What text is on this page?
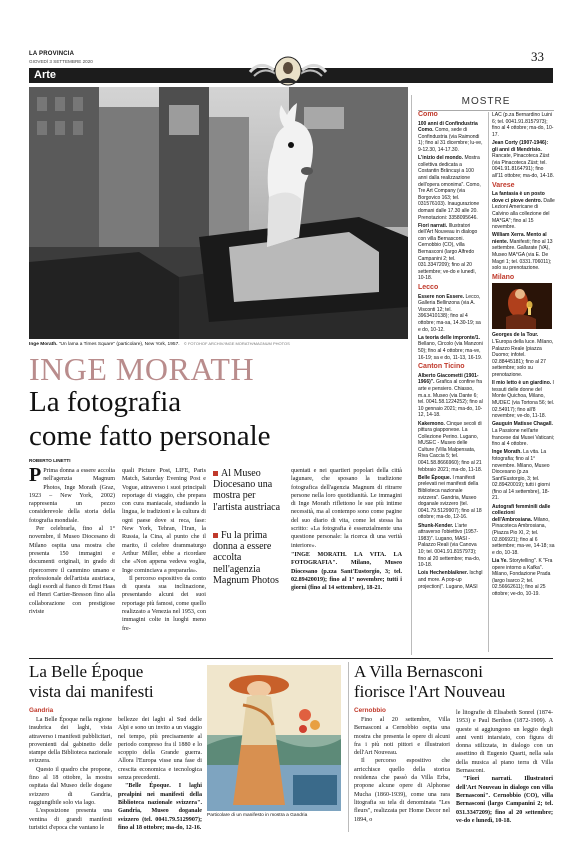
LA PROVINCIA
GIOVEDÌ 3 SETTEMBRE 2020	33
Arte
Inge Morath. "Un lama a Times Square" (particolare), New York, 1957. © FOTOHOF ARCHIV/INGE MORATH/MAGNUM PHOTOS
INGE MORATH
La fotografia
come fatto personale
ROBERTO LINETTI

P Prima donna a essere accolta nell'agenzia Magnum Photos, Inge Morath (Graz, 1923 – New York, 2002) rappresenta un pezzo considerevole della storia della fotografia mondiale.

Per celebrarla, fino al 1° novembre, il Museo Diocesano di Milano ospita una mostra che presenta 150 immagini e documenti originali, in grado di ripercorrere il cammino umano e professionale dell'artista austriaca, dagli esordi al fianco di Ernst Haas ed Henri Cartier-Bresson fino alla collaborazione con prestigiose riviste

quali Picture Post, LIFE, Paris Match, Saturday Evening Post e Vogue, attraverso i suoi principali reportage di viaggio, che prepara con cura maniacale, studiando la lingua, le tradizioni e la cultura di ogni paese dove si reca, fase: New York, Tehran, l'Iran, la Russia, la Cina, al punto che il marito, il celebre drammaturgo Arthur Miller, ebbe a ricordare che «Non appena vedeva voglia, Inge cominciava a prepararla».

Il percorso espositivo da conto di questa sua inclinazione, presentando alcuni dei suoi reportage più famosi, come quello realizzato a Venezia nel 1953, con immagini colte in luoghi meno fre-

Al Museo Diocesano una mostra per l'artista austriaca
Fu la prima donna a essere accolta nell'agenzia Magnum Photos

quentati e nei quartieri popolari della città lagunare, che sposano la tradizione fotografica dell'agenzia Magnum di ritrarre persone nella loro quotidianità. Le immagini di Inge Morath riflettono le sue più intime necessità, ma al contempo sono come pagine del suo diario di vita, come lei stessa ha scritto: «La fotografia è essenzialmente una questione personale: la ricerca di una verità interiore».

"INGE MORATH. LA VITA. LA FOTOGRAFIA". Milano, Museo Diocesano (p.zza Sant'Eustorgio, 3; tel. 02.89420019); fino al 1° novembre; tutti i giorni (fino al 14 settembre), 18-21.

MOSTRE
Como

100 anni di Confindustria Como. Como, sede di Confindustria (via Raimondi 1); fino al 31 dicembre; lu-ve, 9-12.30, 14-17.30.

L'inizio del mondo. Mostra collettiva dedicata a Costantin Brâncuşi a 100 anni dalla realizzazione dell'opera omonima". Como, Tre Art Company (via Borgovico 163; tel. 031576103). Inaugurazione domani dalle 17.30 alle 20. Prenotazioni: 3358095646.

Fiori narrati. Illustratori dell'Art Nouveau in dialogo con villa Bernasconi. Cernobbio (CO), villa Bernasconi (largo Alfredo Campanini 2; tel. 031.3347209); fino al 20 settembre; ve-do e lunedì, 10-18.

Lecco

Essere non Essere. Lecco, Galleria Bellinzona (via A. Visconti 12; tel. 3963410138); fino al 4 ottobre; ma-sa, 14.30-19; sa e do, 10-12.

La teoria delle impronte/1. Bellano, Circolo (via Manzoni 50); fino al 4 ottobre; ma-ve, 16-19; sa e do, 11-13, 16-19.

Canton Ticino

Alberto Giacometti (1901-1966)". Grafica al confine fra arte e pensiero. Chiasso, m.a.x. Museo (via Dante 6; tel. 0041.58.1224252); fino al 10 gennaio 2021; ma-do, 10-12, 14-18.

Kakemono. Cinque secoli di pittura giapponese. La Collezione Perino. Lugano, MUSEC - Museo delle Culture (Villa Malpensata, Riva Caccia 5; tel. 0041.58.8666960); fino al 21 febbraio 2021; ma-do, 11-18.

Belle Époque. I manifesti prelevati nei manifesti della Biblioteca nazionale svizzera". Gandria, Museo doganale svizzero (tel. 0041.79.5129907); fino al 18 ottobre; ma-do, 12-16.

Shunk-Kender. L'arte attraverso l'obiettivo (1957-1983)". Lugano, MASI - Palazzo Reali (via Canova 10; tel. 0041.91.8157973); fino al 20 settembre; ma-do, 10-18.

Lois Hechenblaikner. Ischgl and more. A pop-up projection)". Lugano, MASI

LAC (p.za Bernardino Luini 6; tel. 0041.91.8157973); fino al 4 ottobre; ma-do, 10-17.

Jean Corty (1907-1946): gli anni di Mendrisio. Rancate, Pinacoteca Züst (via Pinacoteca Züst; tel. 0041.91.8164791); fino all'11 ottobre; ma-do, 14-18.

Varese

La fantasia è un posto dove ci piove dentro. Dalle Lezioni Americane di Calvino alla collezione del MA*GA"; fino al 15 novembre.

William Xerra. Mento al niente. Manifesti; fino al 13 settembre. Gallarate (VA), Museo MA*GA (via E. De Magri 1; tel. 0331.706011); solo su prenotazione.

Milano

Georges de la Tour. L'Europa della luce. Milano, Palazzo Reale (piazza Duomo; infotel. 02.88445181); fino al 27 settembre; solo su prenotazione.

Il mio letto è un giardino. I tessuti delle donne del Monte Quichoa, Milano, MUDEC (via Tortona 56; tel. 02.54917); fino all'8 novembre; ve-do, 11-18.

Gauguin Matisse Chagall. La Passione nell'arte francese dai Musei Vaticani; fino al 4 ottobre.

Inge Morath. La vita. La fotografia; fino al 1° novembre. Milano, Museo Diocesano (p.za Sant'Eustorgio, 3; tel. 02.89420019); tutti i giorni (fino al 14 settembre), 18-21.

Autografi femminili dalle collezioni dell'Ambrosiana. Milano, Pinacoteca Ambrosiana, (Piazza Pio XI, 2; tel. 02.806921); fino al 6 settembre; ma-ve, 14-18; sa e do, 10-18.

Lia Ye. Storytelling". K "Fra opere intorno a Kafka". Milano, Fondazione Prada (largo Isarco 2; tel. 02.56662611); fino al 25 ottobre; ve-do, 10-19.

La Belle Époque
vista dai manifesti
Gandria

La Belle Époque nella regione insubrica dei laghi, vista attraverso i manifesti pubblicitari, provenienti dal gabinetto delle stampe della Biblioteca nazionale svizzera.

Questo il quadro che propone, fino al 18 ottobre, la mostra ospitata dal Museo delle dogane svizzero di Gandria, raggiungibile solo via lago.

L'esposizione presenta una ventina di grandi manifesti turistici d'epoca che vantano le

bellezze dei laghi al Sud delle Alpi e sono un invito a un viaggio nel tempo, più precisamente al periodo compreso fra il 1880 e lo scoppio della Grande guerra. Allora l'Europa visse una fase di crescita economica e tecnologica senza precedenti.

"Belle Époque. I laghi prealpini nei manifesti della Biblioteca nazionale svizzera". Gandria, Museo doganale svizzero (tel. 0041.79.5129907); fino al 18 ottobre; ma-do, 12-16.

Particolare di un manifesto in mostra a Gandria
A Villa Bernasconi
fiorisce l'Art Nouveau
Cernobbio

Fino al 20 settembre, Villa Bernasconi a Cernobbio ospita una mostra che presenta le opere di alcuni fra i più noti pittori e illustratori dell'Art Nouveau.

Il percorso espositivo che arricchisce quello della storica residenza che passò da Villa Erba, propone alcune opere di Alphonse Mucha (1860-1939), come una rara litografia su tela di denominata "Les fleurs", realizzata per Home Decor nel 1894, o

le litografie di Elisabeth Sonrel (1874-1953) e Paul Berthon (1872-1909). A queste si aggiungono un leggio degli anni venti intarsiato, con figura di donna stilizzata, in dialogo con un assettino di Eugenio Quarti, nella sala della musica al piano terra di Villa Bernasconi.

"Fiori narrati. Illustratori dell'Art Nouveau in dialogo con villa Bernasconi". Cernobbio (CO), villa Bernasconi (largo Campanini 2; tel. 031.3347209); fino al 20 settembre; ve-do e lunedì, 10-18.
